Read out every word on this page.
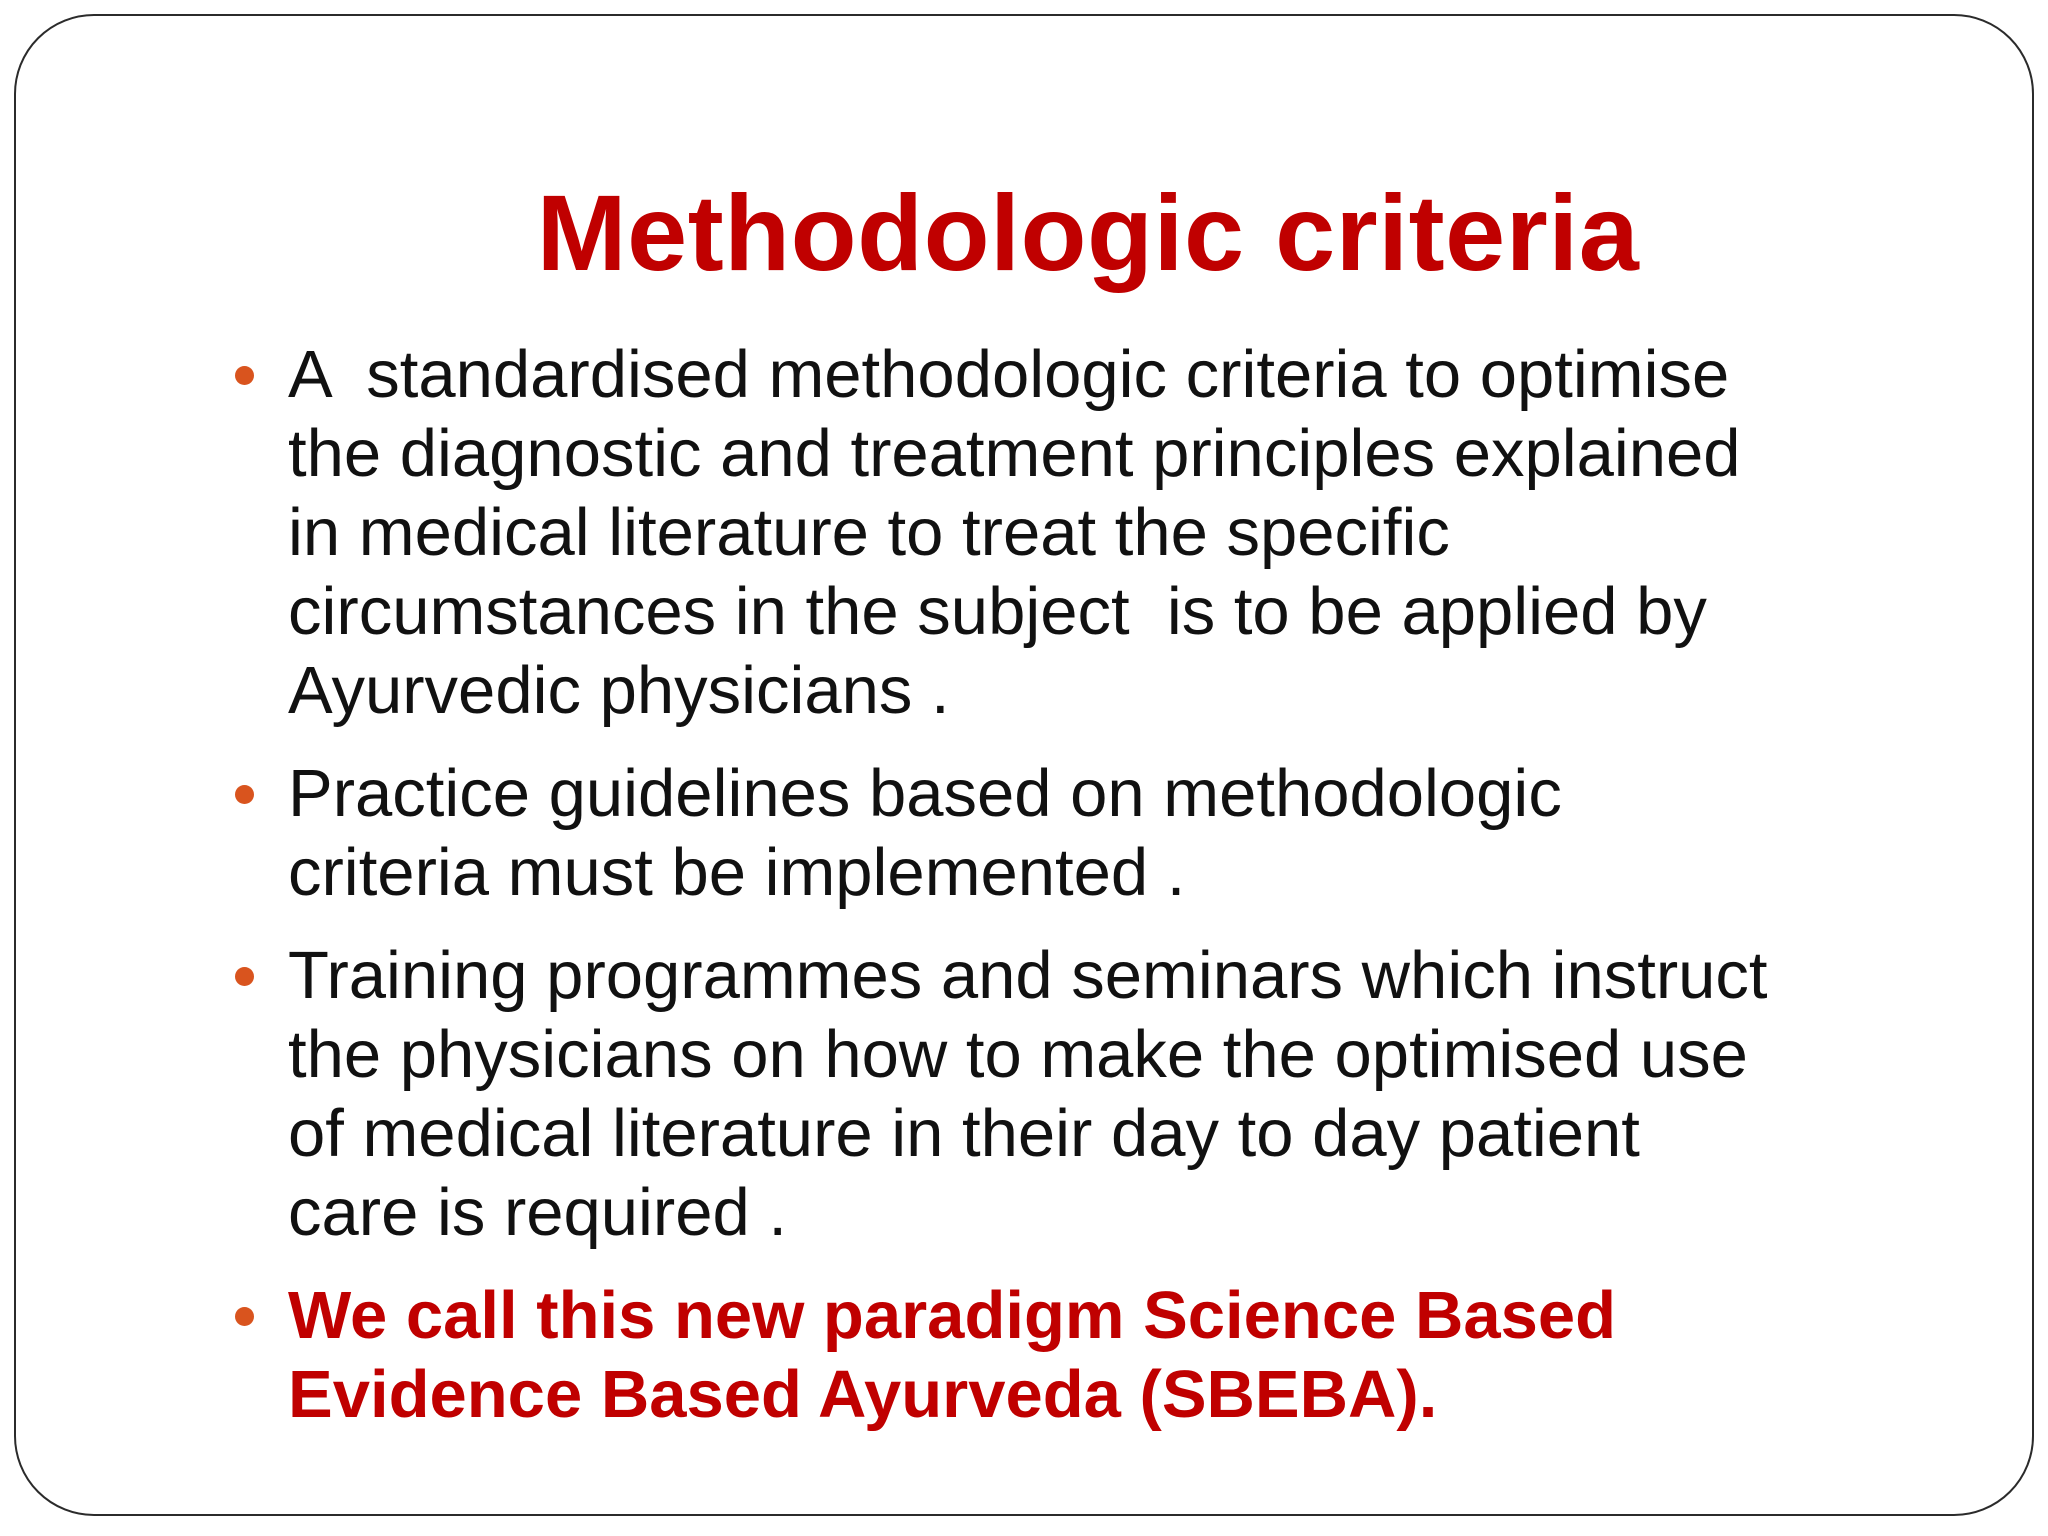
Methodologic criteria
A  standardised methodologic criteria to optimise
the diagnostic and treatment principles explained
in medical literature to treat the specific
circumstances in the subject  is to be applied by
Ayurvedic physicians .
Practice guidelines based on methodologic
criteria must be implemented .
Training programmes and seminars which instruct
the physicians on how to make the optimised use
of medical literature in their day to day patient
care is required .
We call this new paradigm Science Based
Evidence Based Ayurveda (SBEBA).
